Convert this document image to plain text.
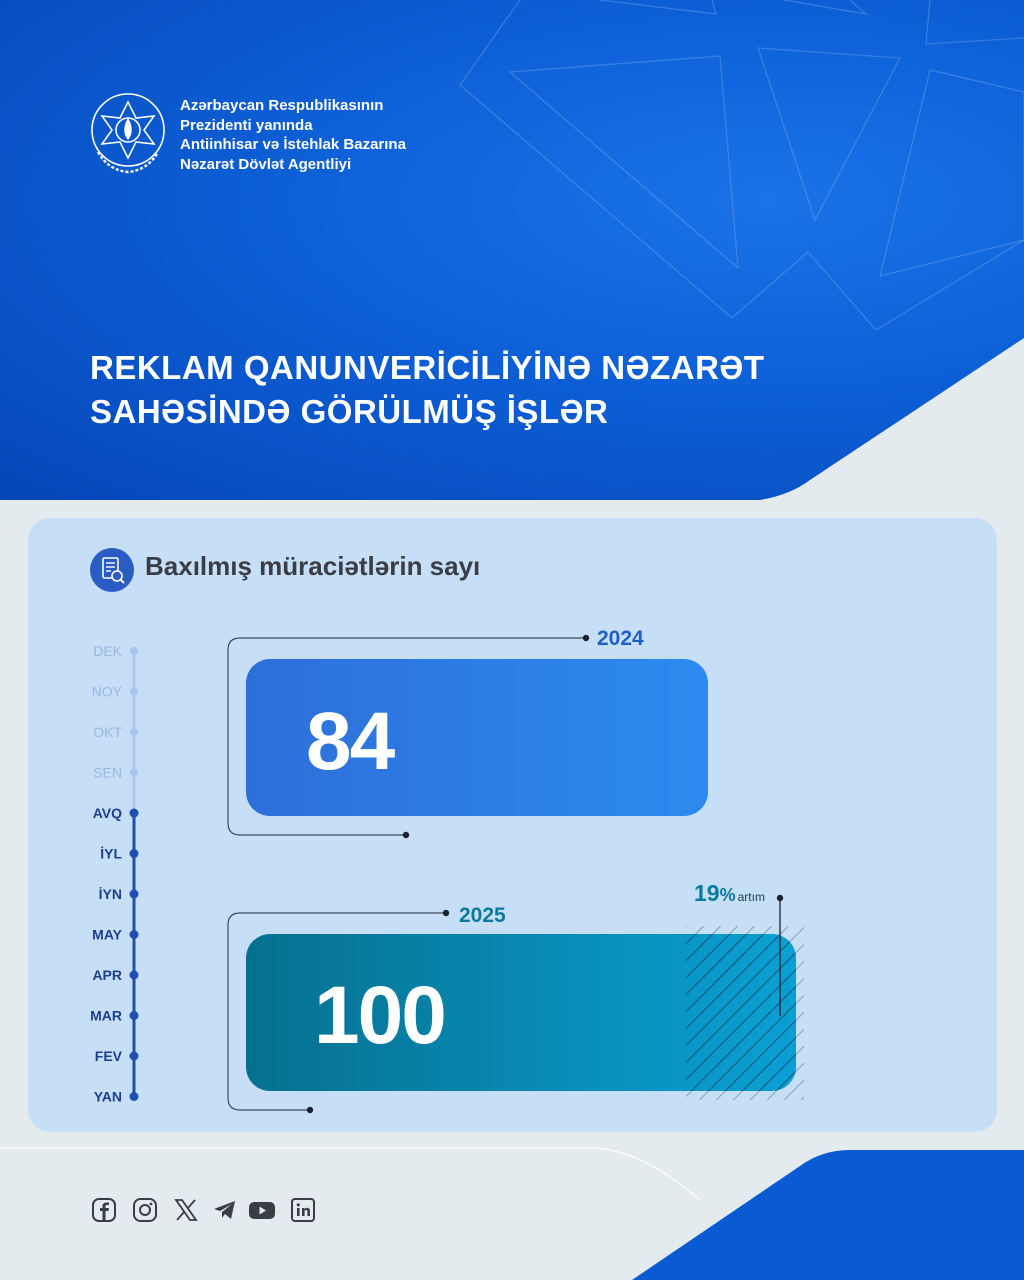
Azərbaycan Respublikasının
Prezidenti yanında
Antiinhisar və İstehlak Bazarına
Nəzarət Dövlət Agentliyi
REKLAM QANUNVERİCİLİYİNƏ NƏZARƏT
SAHƏSİNDƏ GÖRÜLMÜŞ İŞLƏR
Baxılmış müraciətlərin sayı
DEK
NOY
OKT
SEN
AVQ
İYL
İYN
MAY
APR
MAR
FEV
YAN
2024
84
2025
100
19% artım
